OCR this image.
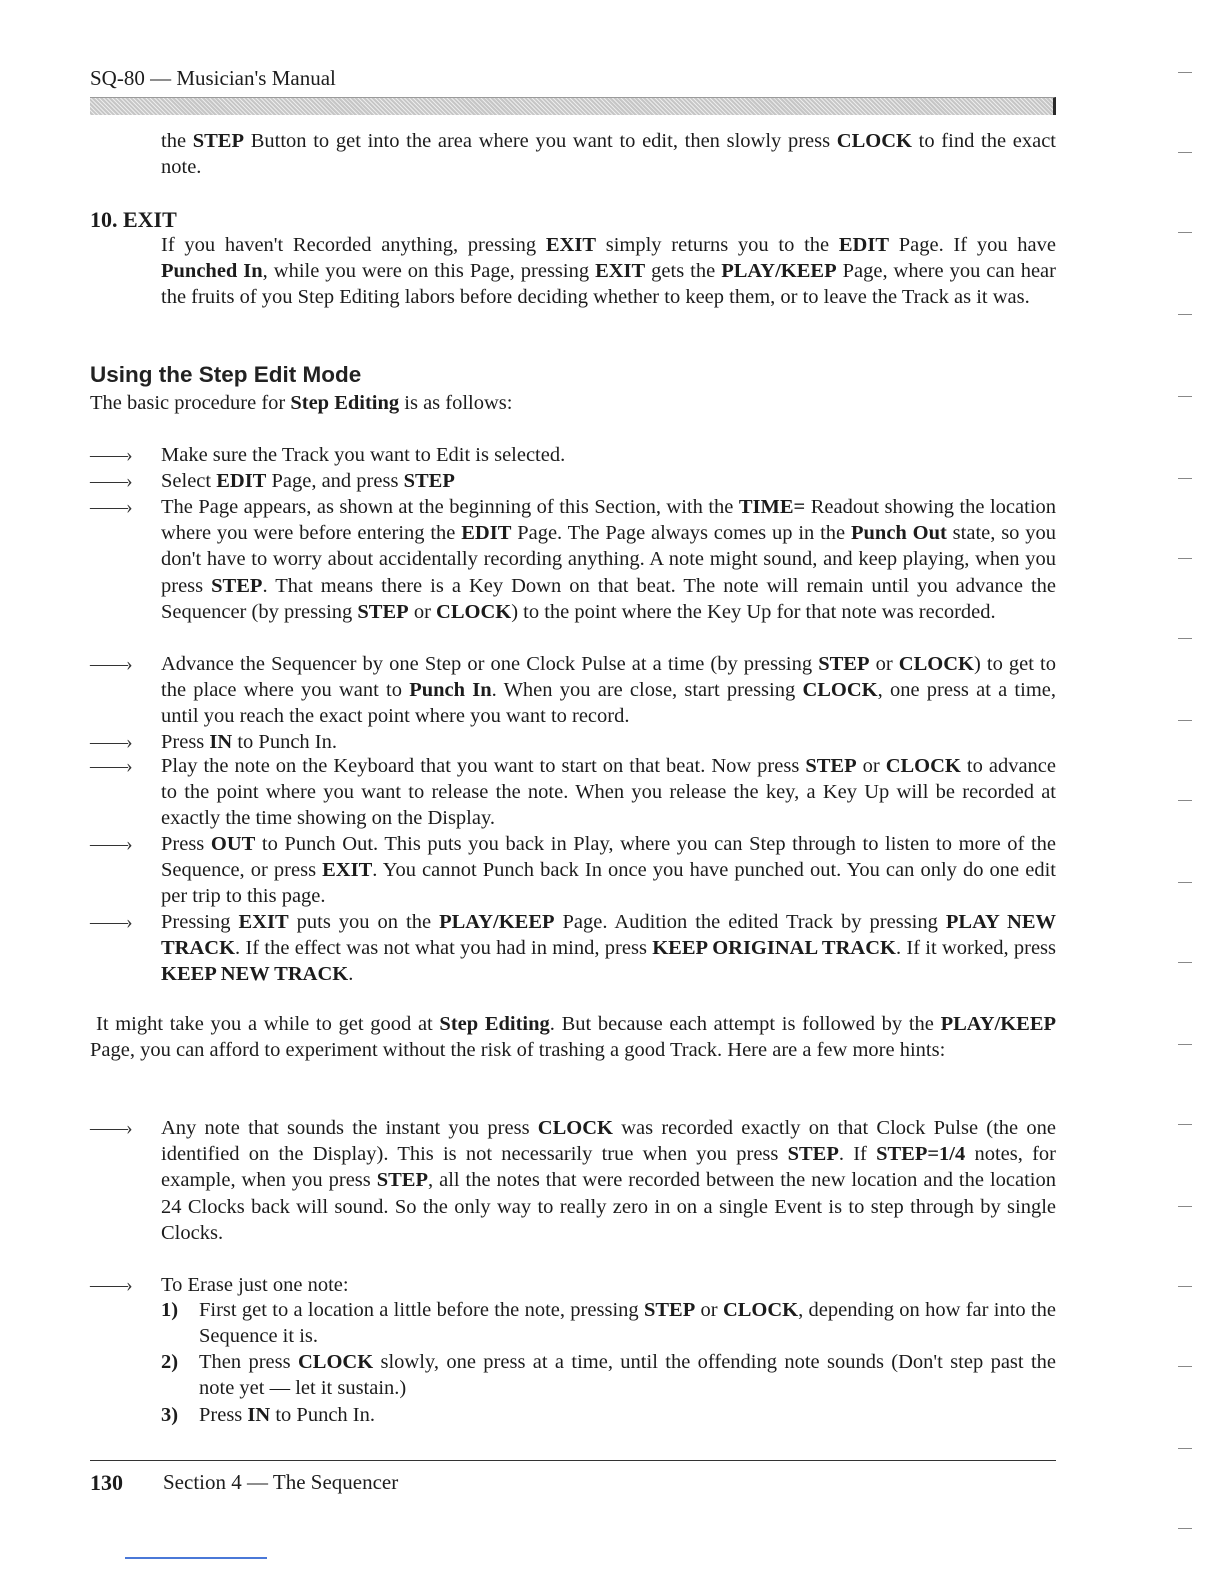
SQ-80 — Musician's Manual

the STEP Button to get into the area where you want to edit, then slowly press CLOCK to find the exact note.

10. EXIT

If you haven't Recorded anything, pressing EXIT simply returns you to the EDIT Page. If you have Punched In, while you were on this Page, pressing EXIT gets the PLAY/KEEP Page, where you can hear the fruits of you Step Editing labors before deciding whether to keep them, or to leave the Track as it was.

Using the Step Edit Mode

The basic procedure for Step Editing is as follows:

——›	Make sure the Track you want to Edit is selected.
——›	Select EDIT Page, and press STEP
——›	The Page appears, as shown at the beginning of this Section, with the TIME= Readout showing the location where you were before entering the EDIT Page. The Page always comes up in the Punch Out state, so you don't have to worry about accidentally recording anything. A note might sound, and keep playing, when you press STEP. That means there is a Key Down on that beat. The note will remain until you advance the Sequencer (by pressing STEP or CLOCK) to the point where the Key Up for that note was recorded.
——›	Advance the Sequencer by one Step or one Clock Pulse at a time (by pressing STEP or CLOCK) to get to the place where you want to Punch In. When you are close, start pressing CLOCK, one press at a time, until you reach the exact point where you want to record.
——›	Press IN to Punch In.
——›	Play the note on the Keyboard that you want to start on that beat. Now press STEP or CLOCK to advance to the point where you want to release the note. When you release the key, a Key Up will be recorded at exactly the time showing on the Display.
——›	Press OUT to Punch Out. This puts you back in Play, where you can Step through to listen to more of the Sequence, or press EXIT. You cannot Punch back In once you have punched out. You can only do one edit per trip to this page.
——›	Pressing EXIT puts you on the PLAY/KEEP Page. Audition the edited Track by pressing PLAY NEW TRACK. If the effect was not what you had in mind, press KEEP ORIGINAL TRACK. If it worked, press KEEP NEW TRACK.

It might take you a while to get good at Step Editing. But because each attempt is followed by the PLAY/KEEP Page, you can afford to experiment without the risk of trashing a good Track. Here are a few more hints:

——›	Any note that sounds the instant you press CLOCK was recorded exactly on that Clock Pulse (the one identified on the Display). This is not necessarily true when you press STEP. If STEP=1/4 notes, for example, when you press STEP, all the notes that were recorded between the new location and the location 24 Clocks back will sound. So the only way to really zero in on a single Event is to step through by single Clocks.
——›	To Erase just one note:
1) First get to a location a little before the note, pressing STEP or CLOCK, depending on how far into the Sequence it is.
2) Then press CLOCK slowly, one press at a time, until the offending note sounds (Don't step past the note yet — let it sustain.)
3) Press IN to Punch In.
130 Section 4 — The Sequencer
